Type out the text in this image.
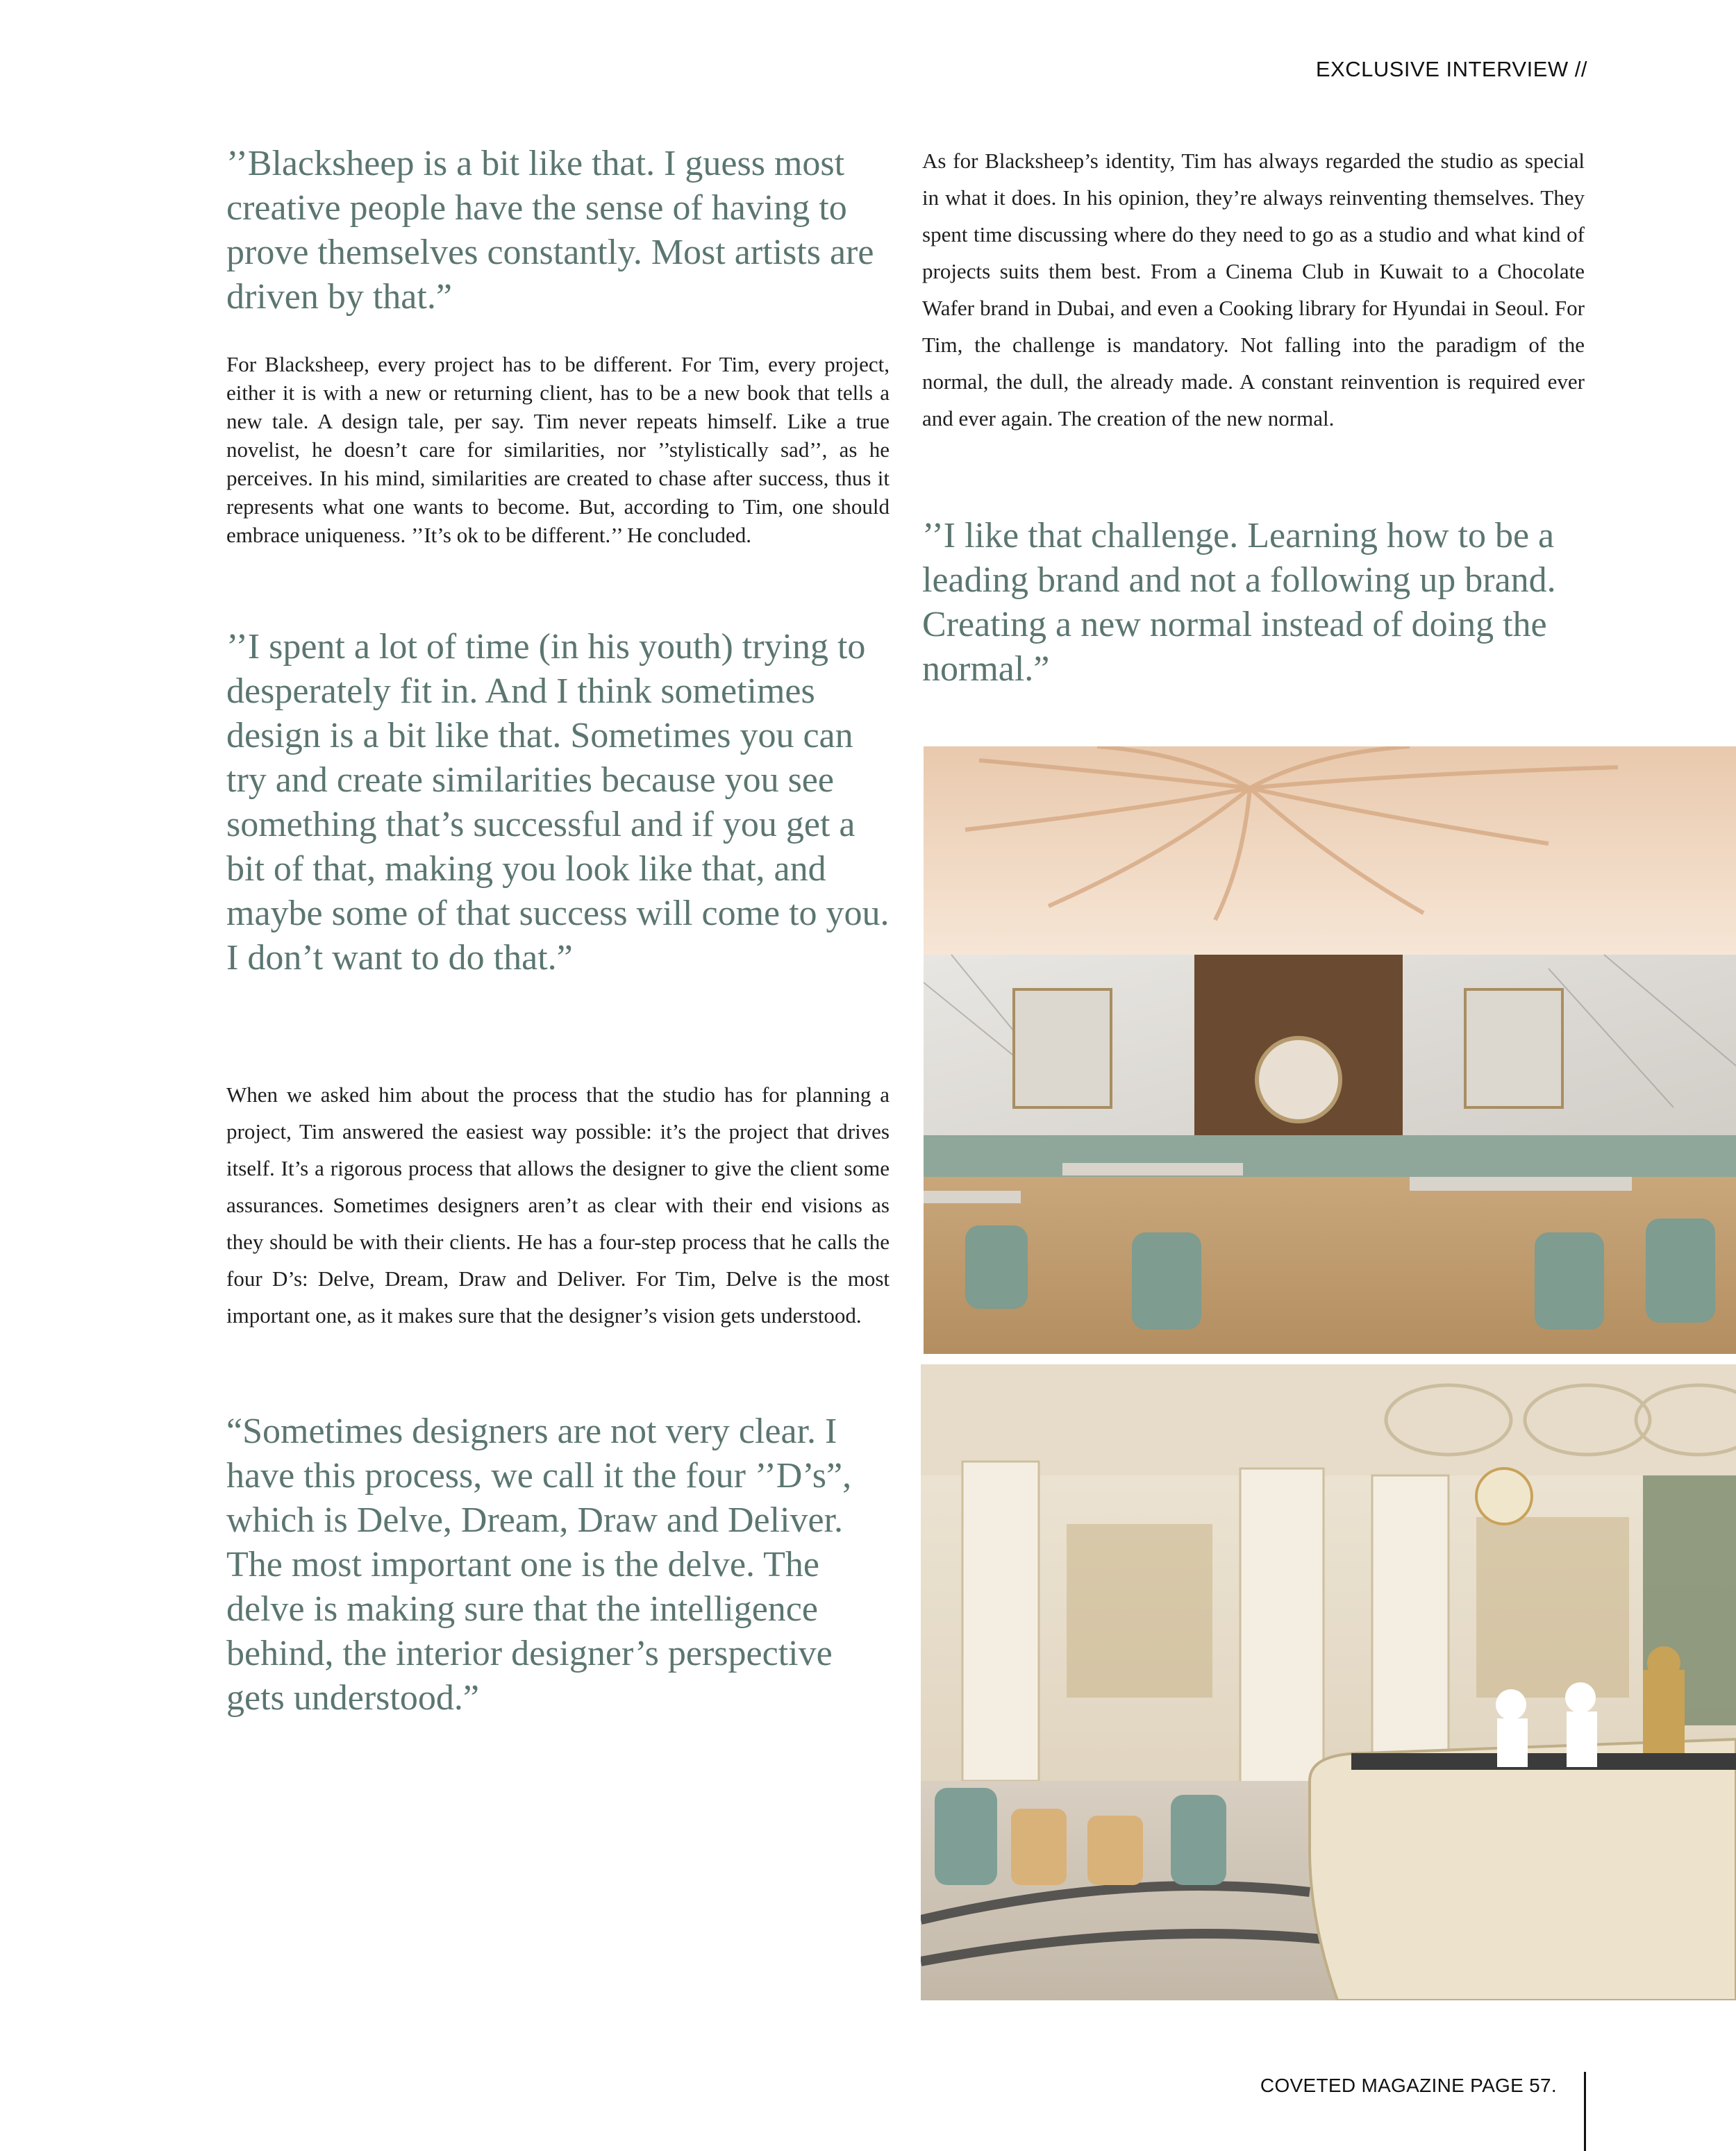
EXCLUSIVE INTERVIEW //

’’Blacksheep is a bit like that. I guess most creative people have the sense of having to prove themselves constantly. Most artists are driven by that.”

For Blacksheep, every project has to be different. For Tim, every project, either it is with a new or returning client, has to be a new book that tells a new tale. A design tale, per say. Tim never repeats himself. Like a true novelist, he doesn’t care for similarities, nor ’’stylistically sad’’, as he perceives. In his mind, similarities are created to chase after success, thus it represents what one wants to become. But, according to Tim, one should embrace uniqueness. ’’It’s ok to be different.’’ He concluded.

’’I spent a lot of time (in his youth) trying to desperately fit in. And I think sometimes design is a bit like that. Sometimes you can try and create similarities because you see something that’s successful and if you get a bit of that, making you look like that, and maybe some of that success will come to you. I don’t want to do that.”

When we asked him about the process that the studio has for planning a project, Tim answered the easiest way possible: it’s the project that drives itself. It’s a rigorous process that allows the designer to give the client some assurances. Sometimes designers aren’t as clear with their end visions as they should be with their clients. He has a four-step process that he calls the four D’s: Delve, Dream, Draw and Deliver. For Tim, Delve is the most important one, as it makes sure that the designer’s vision gets understood.

“Sometimes designers are not very clear. I have this process, we call it the four ’’D’s”, which is Delve, Dream, Draw and Deliver. The most important one is the delve. The delve is making sure that the intelligence behind, the interior designer’s perspective gets understood.”

As for Blacksheep’s identity, Tim has always regarded the studio as special in what it does. In his opinion, they’re always reinventing themselves. They spent time discussing where do they need to go as a studio and what kind of projects suits them best. From a Cinema Club in Kuwait to a Chocolate Wafer brand in Dubai, and even a Cooking library for Hyundai in Seoul. For Tim, the challenge is mandatory. Not falling into the paradigm of the normal, the dull, the already made. A constant reinvention is required ever and ever again. The creation of the new normal.

’’I like that challenge. Learning how to be a leading brand and not a following up brand. Creating a new normal instead of doing the normal.”

COVETED MAGAZINE PAGE 57.
